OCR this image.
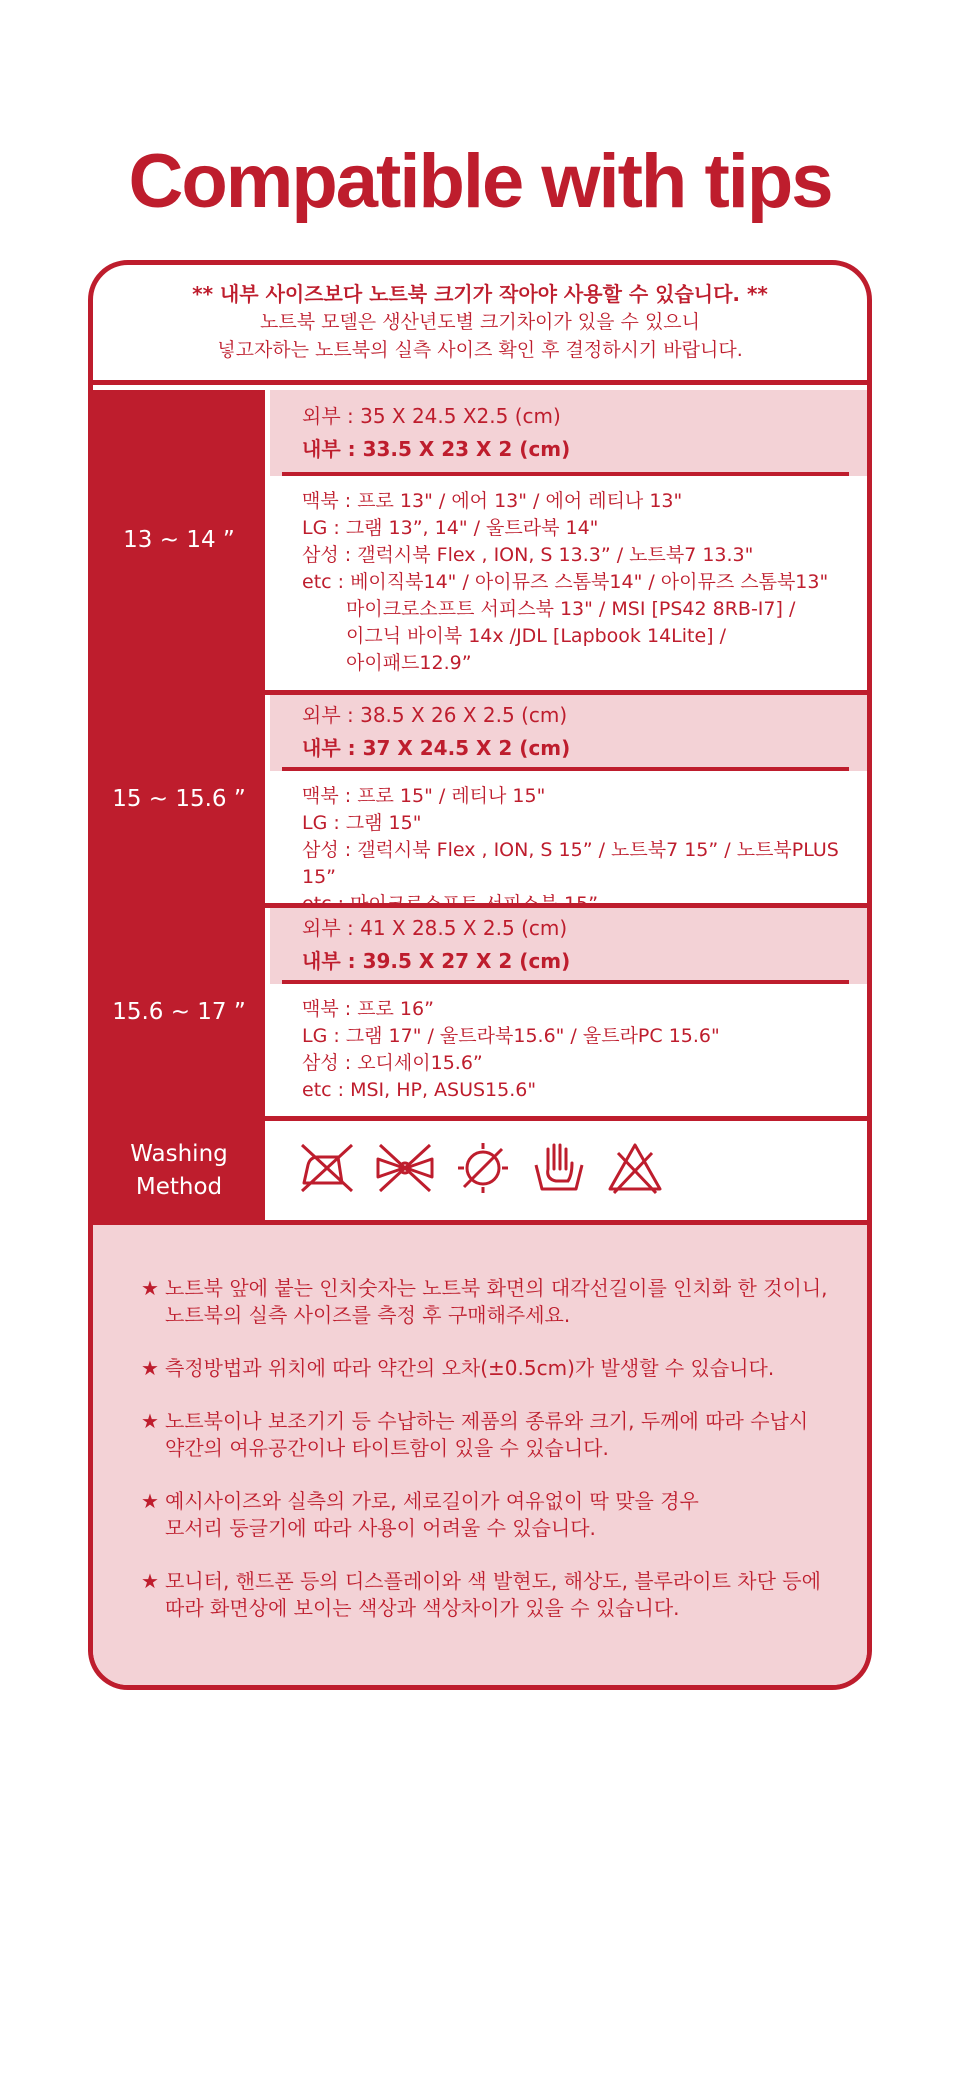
Compatible with tips
** 내부 사이즈보다 노트북 크기가 작아야 사용할 수 있습니다. **
노트북 모델은 생산년도별 크기차이가 있을 수 있으니
넣고자하는 노트북의 실측 사이즈 확인 후 결정하시기 바랍니다.
13 ~ 14 ”
외부 : 35 X 24.5 X2.5 (cm)
내부 : 33.5 X 23 X 2 (cm)
맥북 : 프로 13" / 에어 13" / 에어 레티나 13"
LG : 그램 13”, 14" / 울트라북 14"
삼성 : 갤럭시북 Flex , ION, S 13.3” / 노트북7 13.3"
etc : 베이직북14" / 아이뮤즈 스톰북14" / 아이뮤즈 스톰북13"
마이크로소프트 서피스북 13" / MSI [PS42 8RB-I7] /
이그닉 바이북 14x /JDL [Lapbook 14Lite] /
아이패드12.9”
15 ~ 15.6 ”
외부 : 38.5 X 26 X 2.5 (cm)
내부 : 37 X 24.5 X 2 (cm)
맥북 : 프로 15" / 레티나 15"
LG : 그램 15"
삼성 : 갤럭시북 Flex , ION, S 15” / 노트북7 15” / 노트북PLUS 15”
15.6 ~ 17 ”
외부 : 41 X 28.5 X 2.5 (cm)
내부 : 39.5 X 27 X 2 (cm)
맥북 : 프로 16”
LG : 그램 17" / 울트라북15.6" / 울트라PC 15.6"
삼성 : 오디세이15.6”
etc : MSI, HP, ASUS15.6"
Washing
Method
★ 노트북 앞에 붙는 인치숫자는 노트북 화면의 대각선길이를 인치화 한 것이니,
노트북의 실측 사이즈를 측정 후 구매해주세요.
★ 측정방법과 위치에 따라 약간의 오차(±0.5cm)가 발생할 수 있습니다.
★ 노트북이나 보조기기 등 수납하는 제품의 종류와 크기, 두께에 따라 수납시
약간의 여유공간이나 타이트함이 있을 수 있습니다.
★ 예시사이즈와 실측의 가로, 세로길이가 여유없이 딱 맞을 경우
모서리 둥글기에 따라 사용이 어려울 수 있습니다.
★ 모니터, 핸드폰 등의 디스플레이와 색 발현도, 해상도, 블루라이트 차단 등에
따라 화면상에 보이는 색상과 색상차이가 있을 수 있습니다.
